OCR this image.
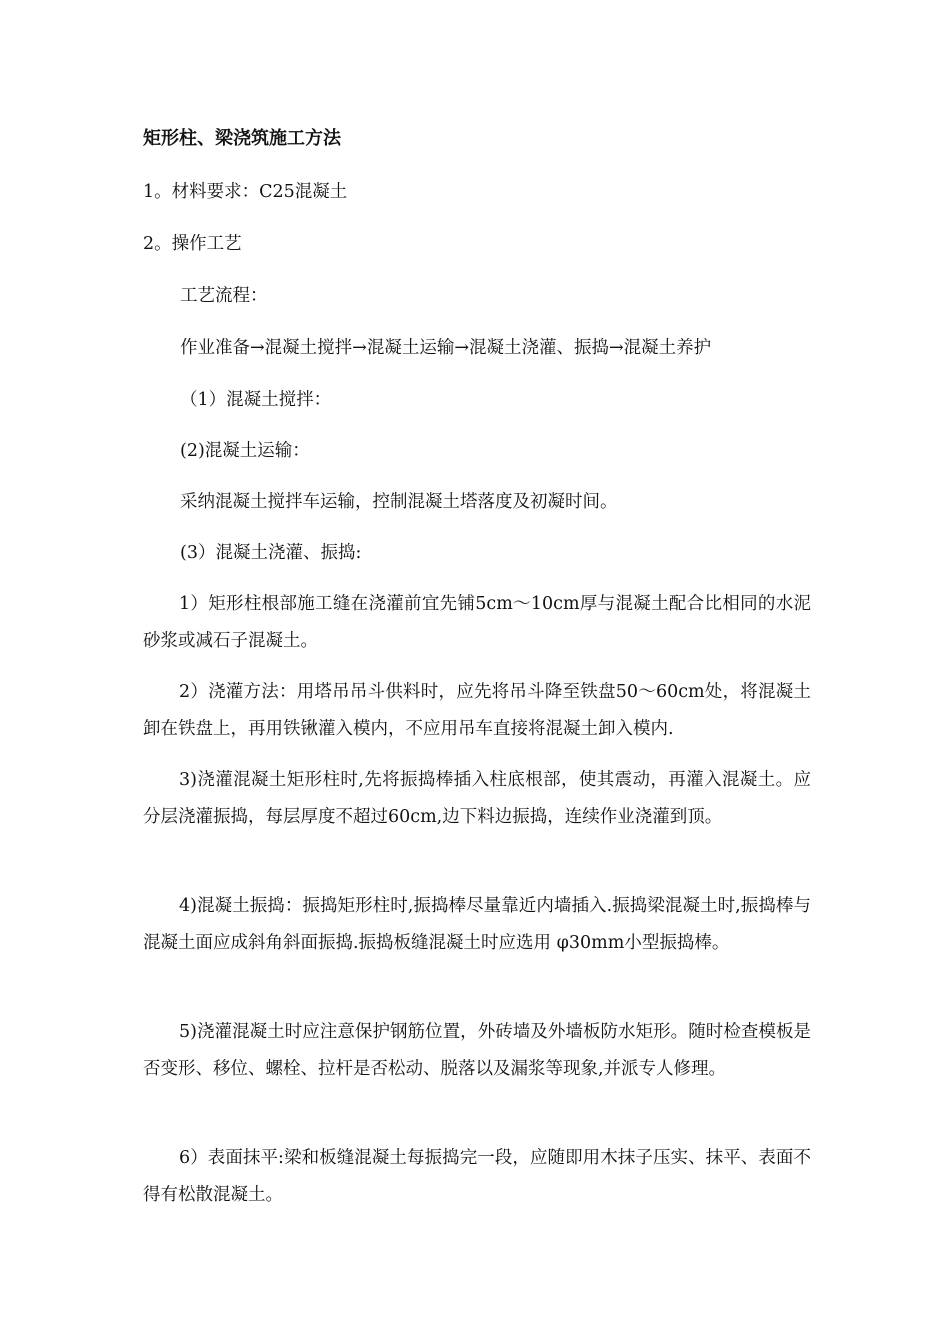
矩形柱、梁浇筑施工方法
1。材料要求：C25混凝土
2。操作工艺
工艺流程：
作业准备→混凝土搅拌→混凝土运输→混凝土浇灌、振捣→混凝土养护
（1）混凝土搅拌：
(2)混凝土运输：
采纳混凝土搅拌车运输，控制混凝土塔落度及初凝时间。
(3）混凝土浇灌、振捣:
1）矩形柱根部施工缝在浇灌前宜先铺5cm～10cm厚与混凝土配合比相同的水泥砂浆或减石子混凝土。
2）浇灌方法：用塔吊吊斗供料时，应先将吊斗降至铁盘50～60cm处，将混凝土卸在铁盘上，再用铁锹灌入模内，不应用吊车直接将混凝土卸入模内.
3)浇灌混凝土矩形柱时,先将振捣棒插入柱底根部，使其震动，再灌入混凝土。应分层浇灌振捣，每层厚度不超过60cm,边下料边振捣，连续作业浇灌到顶。
4)混凝土振捣：振捣矩形柱时,振捣棒尽量靠近内墙插入.振捣梁混凝土时,振捣棒与混凝土面应成斜角斜面振捣.振捣板缝混凝土时应选用 φ30mm小型振捣棒。
5)浇灌混凝土时应注意保护钢筋位置，外砖墙及外墙板防水矩形。随时检查模板是否变形、移位、螺栓、拉杆是否松动、脱落以及漏浆等现象,并派专人修理。
6）表面抹平:梁和板缝混凝土每振捣完一段，应随即用木抹子压实、抹平、表面不得有松散混凝土。
